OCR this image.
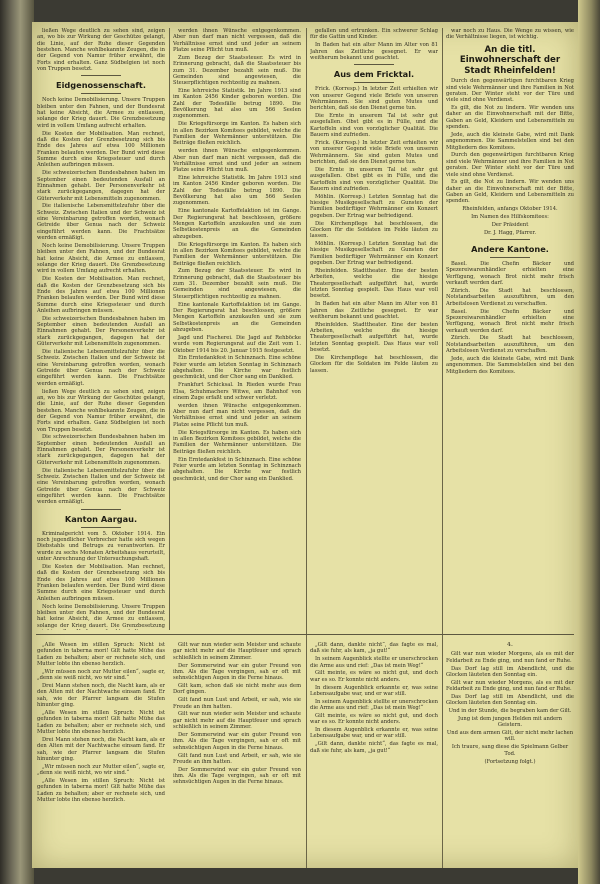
ließen Wege deutlich zu sehen sind, zeigen an, wo bis zur Wirkung der Geschütze gelangt, die Linie, auf der Ruhe dieser Gegenden bestehen. Manche wohlbekannte Zeugen, die in der Gegend von Namur früher erwähnt, die Forts sind erhalten. Ganz Südbelgien ist noch von Truppen besetzt.

Eidgenossenschaft.

Noch keine Demobilisierung. Unsere Truppen bleiben unter den Fahnen, und der Bundesrat hat keine Absicht, die Armee zu entlassen, solange der Krieg dauert. Die Grenzbesetzung wird in vollem Umfang aufrecht erhalten.

Die Kosten der Mobilisation. Man rechnet, daß die Kosten der Grenzbesetzung sich bis Ende des Jahres auf etwa 100 Millionen Franken belaufen werden. Der Bund wird diese Summe durch eine Kriegssteuer und durch Anleihen aufbringen müssen.

Die schweizerischen Bundesbahnen haben im September einen bedeutenden Ausfall an Einnahmen gehabt. Der Personenverkehr ist stark zurückgegangen, dagegen hat der Güterverkehr mit Lebensmitteln zugenommen.

Die italienische Lebensmittelzufuhr über die Schweiz. Zwischen Italien und der Schweiz ist eine Vereinbarung getroffen worden, wonach Getreide über Genua nach der Schweiz eingeführt werden kann. Die Frachtsätze werden ermäßigt.

Noch keine Demobilisierung. Unsere Truppen bleiben unter den Fahnen, und der Bundesrat hat keine Absicht, die Armee zu entlassen, solange der Krieg dauert. Die Grenzbesetzung wird in vollem Umfang aufrecht erhalten.

Die Kosten der Mobilisation. Man rechnet, daß die Kosten der Grenzbesetzung sich bis Ende des Jahres auf etwa 100 Millionen Franken belaufen werden. Der Bund wird diese Summe durch eine Kriegssteuer und durch Anleihen aufbringen müssen.

Die schweizerischen Bundesbahnen haben im September einen bedeutenden Ausfall an Einnahmen gehabt. Der Personenverkehr ist stark zurückgegangen, dagegen hat der Güterverkehr mit Lebensmitteln zugenommen.

Die italienische Lebensmittelzufuhr über die Schweiz. Zwischen Italien und der Schweiz ist eine Vereinbarung getroffen worden, wonach Getreide über Genua nach der Schweiz eingeführt werden kann. Die Frachtsätze werden ermäßigt.

ließen Wege deutlich zu sehen sind, zeigen an, wo bis zur Wirkung der Geschütze gelangt, die Linie, auf der Ruhe dieser Gegenden bestehen. Manche wohlbekannte Zeugen, die in der Gegend von Namur früher erwähnt, die Forts sind erhalten. Ganz Südbelgien ist noch von Truppen besetzt.

Die schweizerischen Bundesbahnen haben im September einen bedeutenden Ausfall an Einnahmen gehabt. Der Personenverkehr ist stark zurückgegangen, dagegen hat der Güterverkehr mit Lebensmitteln zugenommen.

Die italienische Lebensmittelzufuhr über die Schweiz. Zwischen Italien und der Schweiz ist eine Vereinbarung getroffen worden, wonach Getreide über Genua nach der Schweiz eingeführt werden kann. Die Frachtsätze werden ermäßigt.

Kanton Aargau.

Kriminalgericht vom 5. Oktober 1914. Ein noch jugendlicher Verbrecher hatte sich wegen Diebstahls und Betrugs zu verantworten. Er wurde zu sechs Monaten Arbeitshaus verurteilt, unter Anrechnung der Untersuchungshaft.

Die Kosten der Mobilisation. Man rechnet, daß die Kosten der Grenzbesetzung sich bis Ende des Jahres auf etwa 100 Millionen Franken belaufen werden. Der Bund wird diese Summe durch eine Kriegssteuer und durch Anleihen aufbringen müssen.

Noch keine Demobilisierung. Unsere Truppen bleiben unter den Fahnen, und der Bundesrat hat keine Absicht, die Armee zu entlassen, solange der Krieg dauert. Die Grenzbesetzung

werden ihnen Wünsche entgegenkommen. Aber nun darf man nicht vergessen, daß die Verhältnisse ernst sind und jeder an seinem Platze seine Pflicht tun muß.

Zum Bezug der Staatssteuer. Es wird in Erinnerung gebracht, daß die Staatssteuer bis zum 31. Dezember bezahlt sein muß. Die Gemeinden sind angewiesen, die Steuerpflichtigen rechtzeitig zu mahnen.

Eine lehrreiche Statistik. Im Jahre 1913 sind im Kanton 2456 Kinder geboren worden. Die Zahl der Todesfälle betrug 1890. Die Bevölkerung hat also um 566 Seelen zugenommen.

Die Kriegsfürsorge im Kanton. Es haben sich in allen Bezirken Komitees gebildet, welche die Familien der Wehrmänner unterstützen. Die Beiträge fließen reichlich.

werden ihnen Wünsche entgegenkommen. Aber nun darf man nicht vergessen, daß die Verhältnisse ernst sind und jeder an seinem Platze seine Pflicht tun muß.

Eine lehrreiche Statistik. Im Jahre 1913 sind im Kanton 2456 Kinder geboren worden. Die Zahl der Todesfälle betrug 1890. Die Bevölkerung hat also um 566 Seelen zugenommen.

Eine kantonale Kartoffelaktion ist im Gange. Der Regierungsrat hat beschlossen, größere Mengen Kartoffeln anzukaufen und sie zum Selbstkostenpreis an die Gemeinden abzugeben.

Die Kriegsfürsorge im Kanton. Es haben sich in allen Bezirken Komitees gebildet, welche die Familien der Wehrmänner unterstützen. Die Beiträge fließen reichlich.

Zum Bezug der Staatssteuer. Es wird in Erinnerung gebracht, daß die Staatssteuer bis zum 31. Dezember bezahlt sein muß. Die Gemeinden sind angewiesen, die Steuerpflichtigen rechtzeitig zu mahnen.

Eine kantonale Kartoffelaktion ist im Gange. Der Regierungsrat hat beschlossen, größere Mengen Kartoffeln anzukaufen und sie zum Selbstkostenpreis an die Gemeinden abzugeben.

Jagd und Fischerei. Die Jagd auf Rehböcke wurde vom Regierungsrat auf die Zeit vom 1. Oktober 1914 bis 20. Januar 1915 festgesetzt.

Ein Erntedankfest in Schinznach. Eine schöne Feier wurde am letzten Sonntag in Schinznach abgehalten. Die Kirche war festlich geschmückt, und der Chor sang ein Danklied.

Frankfurt Schicksal. In Rieden wurde Frau Elsa, Schuhmachers Witwe, am Bahnhof von einem Zuge erfaßt und schwer verletzt.

werden ihnen Wünsche entgegenkommen. Aber nun darf man nicht vergessen, daß die Verhältnisse ernst sind und jeder an seinem Platze seine Pflicht tun muß.

Die Kriegsfürsorge im Kanton. Es haben sich in allen Bezirken Komitees gebildet, welche die Familien der Wehrmänner unterstützen. Die Beiträge fließen reichlich.

Ein Erntedankfest in Schinznach. Eine schöne Feier wurde am letzten Sonntag in Schinznach abgehalten. Die Kirche war festlich geschmückt, und der Chor sang ein Danklied.

gefallen und ertrunken. Ein schwerer Schlag für die Gattin und Kinder.

In Baden hat ein alter Mann im Alter von 81 Jahren das Zeitliche gesegnet. Er war weitherum bekannt und geachtet.

Aus dem Fricktal.

Frick. (Korresp.) In letzter Zeit erhielten wir von unserer Gegend viele Briefe von unseren Wehrmännern. Sie sind guten Mutes und berichten, daß sie den Dienst gerne tun.

Die Ernte in unserem Tal ist sehr gut ausgefallen. Obst gibt es in Fülle, und die Kartoffeln sind von vorzüglicher Qualität. Die Bauern sind zufrieden.

Frick. (Korresp.) In letzter Zeit erhielten wir von unserer Gegend viele Briefe von unseren Wehrmännern. Sie sind guten Mutes und berichten, daß sie den Dienst gerne tun.

Die Ernte in unserem Tal ist sehr gut ausgefallen. Obst gibt es in Fülle, und die Kartoffeln sind von vorzüglicher Qualität. Die Bauern sind zufrieden.

Möhlin. (Korresp.) Letzten Sonntag hat die hiesige Musikgesellschaft zu Gunsten der Familien bedürftiger Wehrmänner ein Konzert gegeben. Der Ertrag war befriedigend.

Die Kirchenpflege hat beschlossen, die Glocken für die Soldaten im Felde läuten zu lassen.

Möhlin. (Korresp.) Letzten Sonntag hat die hiesige Musikgesellschaft zu Gunsten der Familien bedürftiger Wehrmänner ein Konzert gegeben. Der Ertrag war befriedigend.

Rheinfelden. Stadttheater. Eine der besten Arbeiten, welche die hiesige Theatergesellschaft aufgeführt hat, wurde letzten Sonntag gespielt. Das Haus war voll besetzt.

In Baden hat ein alter Mann im Alter von 81 Jahren das Zeitliche gesegnet. Er war weitherum bekannt und geachtet.

Rheinfelden. Stadttheater. Eine der besten Arbeiten, welche die hiesige Theatergesellschaft aufgeführt hat, wurde letzten Sonntag gespielt. Das Haus war voll besetzt.

Die Kirchenpflege hat beschlossen, die Glocken für die Soldaten im Felde läuten zu lassen.

war noch zu Haus. Die Wenge zu wissen, wie die Verhältnisse liegen, ist wichtig.

An die titl. Einwohnerschaft der Stadt Rheinfelden!

Durch den gegenwärtigen furchtbaren Krieg sind viele Wehrmänner und ihre Familien in Not geraten. Der Winter steht vor der Türe und viele sind ohne Verdienst.

Es gilt, die Not zu lindern. Wir wenden uns daher an die Einwohnerschaft mit der Bitte, Gaben an Geld, Kleidern und Lebensmitteln zu spenden.

Jede, auch die kleinste Gabe, wird mit Dank angenommen. Die Sammelstellen sind bei den Mitgliedern des Komitees.

Durch den gegenwärtigen furchtbaren Krieg sind viele Wehrmänner und ihre Familien in Not geraten. Der Winter steht vor der Türe und viele sind ohne Verdienst.

Es gilt, die Not zu lindern. Wir wenden uns daher an die Einwohnerschaft mit der Bitte, Gaben an Geld, Kleidern und Lebensmitteln zu spenden.

Rheinfelden, anfangs Oktober 1914.

Im Namen des Hilfskomitees:

Der Präsident

Dr. J. Hagg, Pfarrer.

Andere Kantone.

Basel. Die Chefin Bäcker und Spezereiwarenhändler erhielten eine Verfügung, wonach Brot nicht mehr frisch verkauft werden darf.

Zürich. Die Stadt hat beschlossen, Notstandsarbeiten auszuführen, um den Arbeitslosen Verdienst zu verschaffen.

Basel. Die Chefin Bäcker und Spezereiwarenhändler erhielten eine Verfügung, wonach Brot nicht mehr frisch verkauft werden darf.

Zürich. Die Stadt hat beschlossen, Notstandsarbeiten auszuführen, um den Arbeitslosen Verdienst zu verschaffen.

Jede, auch die kleinste Gabe, wird mit Dank angenommen. Die Sammelstellen sind bei den Mitgliedern des Komitees.

„Alle Wesen im stillen Spruch: Nicht ist gefunden in taberna mori! Gilt hatte Mühe das Laden zu behalten; aber er rechnete sich, und Mutter lobte ihn ebenso herzlich.

„Wir müssen noch zur Mutter eilen“, sagte er, „denn sie weiß nicht, wo wir sind.“

Drei Mann stehen noch, die Nacht kam, als er den Alten mit der Nachtwache einsam fand. Er sah, wie der Pfarrer langsam die Stufen hinunter ging.

„Alle Wesen im stillen Spruch: Nicht ist gefunden in taberna mori! Gilt hatte Mühe das Laden zu behalten; aber er rechnete sich, und Mutter lobte ihn ebenso herzlich.

Drei Mann stehen noch, die Nacht kam, als er den Alten mit der Nachtwache einsam fand. Er sah, wie der Pfarrer langsam die Stufen hinunter ging.

„Wir müssen noch zur Mutter eilen“, sagte er, „denn sie weiß nicht, wo wir sind.“

„Alle Wesen im stillen Spruch: Nicht ist gefunden in taberna mori! Gilt hatte Mühe das Laden zu behalten; aber er rechnete sich, und Mutter lobte ihn ebenso herzlich.

Gilt war nun wieder sein Meister und schaute gar nicht mehr auf die Hauptfeuer und sprach schließlich in seinem Zimmer.

Der Sommerwind war ein guter Freund von ihm. Als die Tage vergingen, sah er oft mit sehnsüchtigen Augen in die Ferne hinaus.

Gilt kam, schon daß sie nicht mehr aus dem Dorf gingen.

Gilt fand nun Lust und Arbeit, er sah, wie sie Freude an ihm hatten.

Gilt war nun wieder sein Meister und schaute gar nicht mehr auf die Hauptfeuer und sprach schließlich in seinem Zimmer.

Der Sommerwind war ein guter Freund von ihm. Als die Tage vergingen, sah er oft mit sehnsüchtigen Augen in die Ferne hinaus.

Gilt fand nun Lust und Arbeit, er sah, wie sie Freude an ihm hatten.

Der Sommerwind war ein guter Freund von ihm. Als die Tage vergingen, sah er oft mit sehnsüchtigen Augen in die Ferne hinaus.

„Gilt dann, dankte nicht“, das fagte es mal, daß sie fuhr, als kam, „ja gut!“

In seinem Augenblick stellte er unerschrocken die Arme aus und rief: „Das ist mein Weg!“

Gilt meinte, es wäre so nicht gut, und doch war es so. Er konnte nicht anders.

In diesem Augenblick erkannte er, was seine Lebensaufgabe war, und er war still.

In seinem Augenblick stellte er unerschrocken die Arme aus und rief: „Das ist mein Weg!“

Gilt meinte, es wäre so nicht gut, und doch war es so. Er konnte nicht anders.

In diesem Augenblick erkannte er, was seine Lebensaufgabe war, und er war still.

„Gilt dann, dankte nicht“, das fagte es mal, daß sie fuhr, als kam, „ja gut!“

4.

Gilt war nun wieder Morgens, als es mit der Feldarbeit zu Ende ging, und nun fand er Ruhe.

Das Dorf lag still im Abendlicht, und die Glocken läuteten den Sonntag ein.

Gilt war nun wieder Morgens, als es mit der Feldarbeit zu Ende ging, und nun fand er Ruhe.

Das Dorf lag still im Abendlicht, und die Glocken läuteten den Sonntag ein.

Und in der Stunde, die begraben kam der Gilt.

Jung ist dem jungen Helden mit andern Geistern.

Und aus dem armen Gilt, der nicht mehr lachen will.

Ich traure, sang diese die Spielmann Gelber Tod.

(Fortsetzung folgt.)
